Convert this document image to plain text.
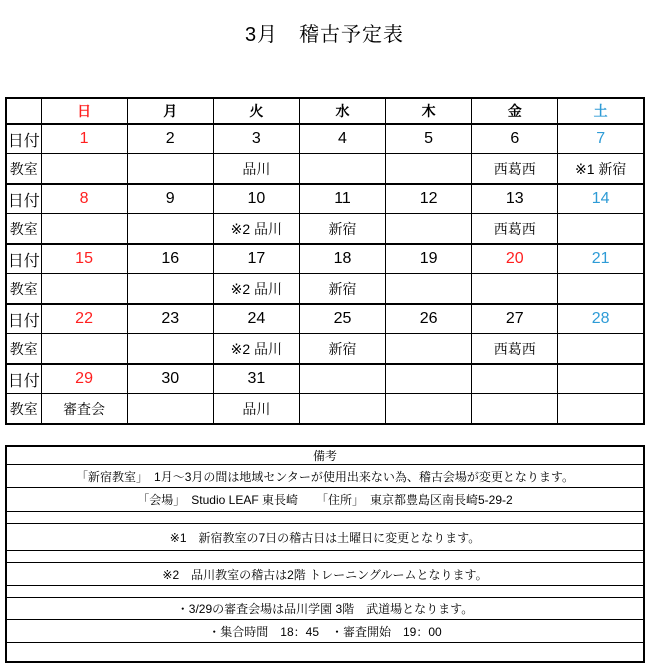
3月　稽古予定表
	日	月	火	水	木	金	土
日付	1	2	3	4	5	6	7
教室			品川			西葛西	※1 新宿
日付	8	9	10	11	12	13	14
教室			※2 品川	新宿		西葛西	
日付	15	16	17	18	19	20	21
教室			※2 品川	新宿			
日付	22	23	24	25	26	27	28
教室			※2 品川	新宿		西葛西	
日付	29	30	31				
教室	審査会		品川				
備考
「新宿教室」　1月～3月の間は地域センターが使用出来ない為、稽古会場が変更となります。
「会場」　Studio LEAF 東長崎　　「住所」　東京都豊島区南長崎5-29-2

※1　新宿教室の7日の稽古日は土曜日に変更となります。

※2　品川教室の稽古は2階 トレーニングルームとなります。

・3/29の審査会場は品川学園 3階　武道場となります。
・集合時間　18：45　・審査開始　19：00
